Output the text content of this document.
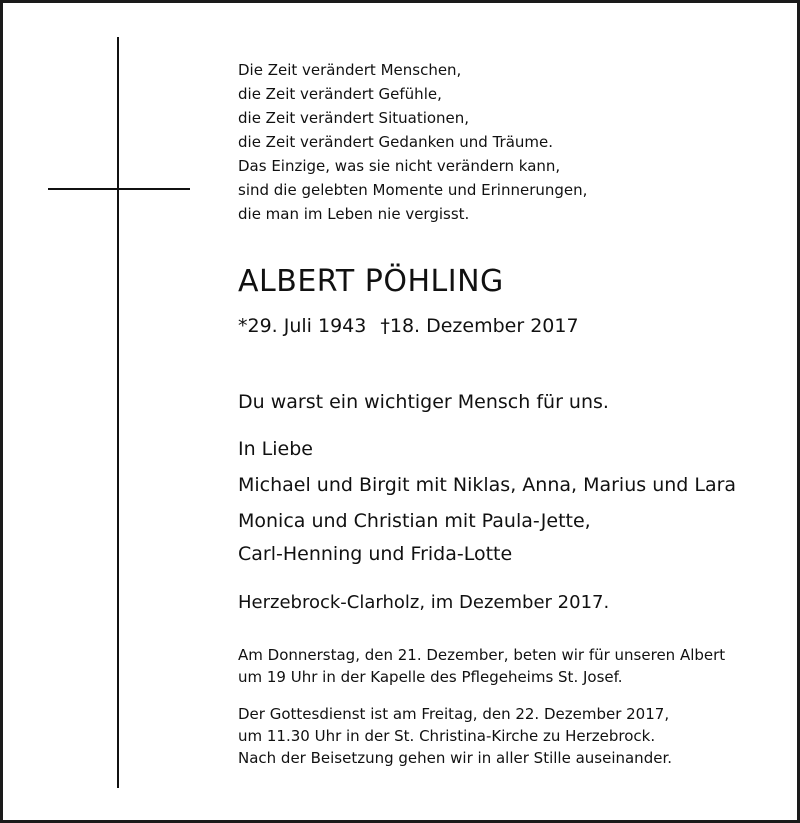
Die Zeit verändert Menschen,
die Zeit verändert Gefühle,
die Zeit verändert Situationen,
die Zeit verändert Gedanken und Träume.
Das Einzige, was sie nicht verändern kann,
sind die gelebten Momente und Erinnerungen,
die man im Leben nie vergisst.
ALBERT PÖHLING
*29. Juli 1943 †18. Dezember 2017
Du warst ein wichtiger Mensch für uns.
In Liebe
Michael und Birgit mit Niklas, Anna, Marius und Lara
Monica und Christian mit Paula-Jette,
Carl-Henning und Frida-Lotte
Herzebrock-Clarholz, im Dezember 2017.
Am Donnerstag, den 21. Dezember, beten wir für unseren Albert
um 19 Uhr in der Kapelle des Pflegeheims St. Josef.
Der Gottesdienst ist am Freitag, den 22. Dezember 2017,
um 11.30 Uhr in der St. Christina-Kirche zu Herzebrock.
Nach der Beisetzung gehen wir in aller Stille auseinander.
